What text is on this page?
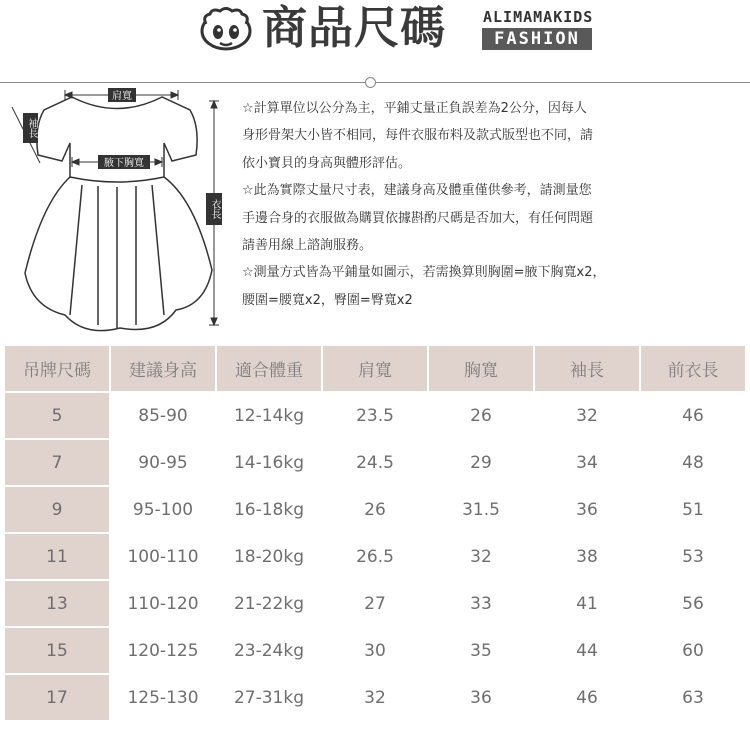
商品尺碼 ALIMAMAKIDS
FASHION
肩寬
腋下胸寬
袖長
衣長

☆計算單位以公分為主，平鋪丈量正負誤差為2公分，因每人

身形骨架大小皆不相同，每件衣服布料及款式版型也不同，請

依小寶貝的身高與體形評估。

☆此為實際丈量尺寸表，建議身高及體重僅供參考，請測量您

手邊合身的衣服做為購買依據斟酌尺碼是否加大，有任何問題

請善用線上諮詢服務。

☆測量方式皆為平鋪量如圖示，若需換算則胸圍=腋下胸寬x2，

腰圍=腰寬x2，臀圍=臀寬x2

吊牌尺碼	建議身高	適合體重	肩寬	胸寬	袖長	前衣長
5	85-90	12-14kg	23.5	26	32	46
7	90-95	14-16kg	24.5	29	34	48
9	95-100	16-18kg	26	31.5	36	51
11	100-110	18-20kg	26.5	32	38	53
13	110-120	21-22kg	27	33	41	56
15	120-125	23-24kg	30	35	44	60
17	125-130	27-31kg	32	36	46	63
